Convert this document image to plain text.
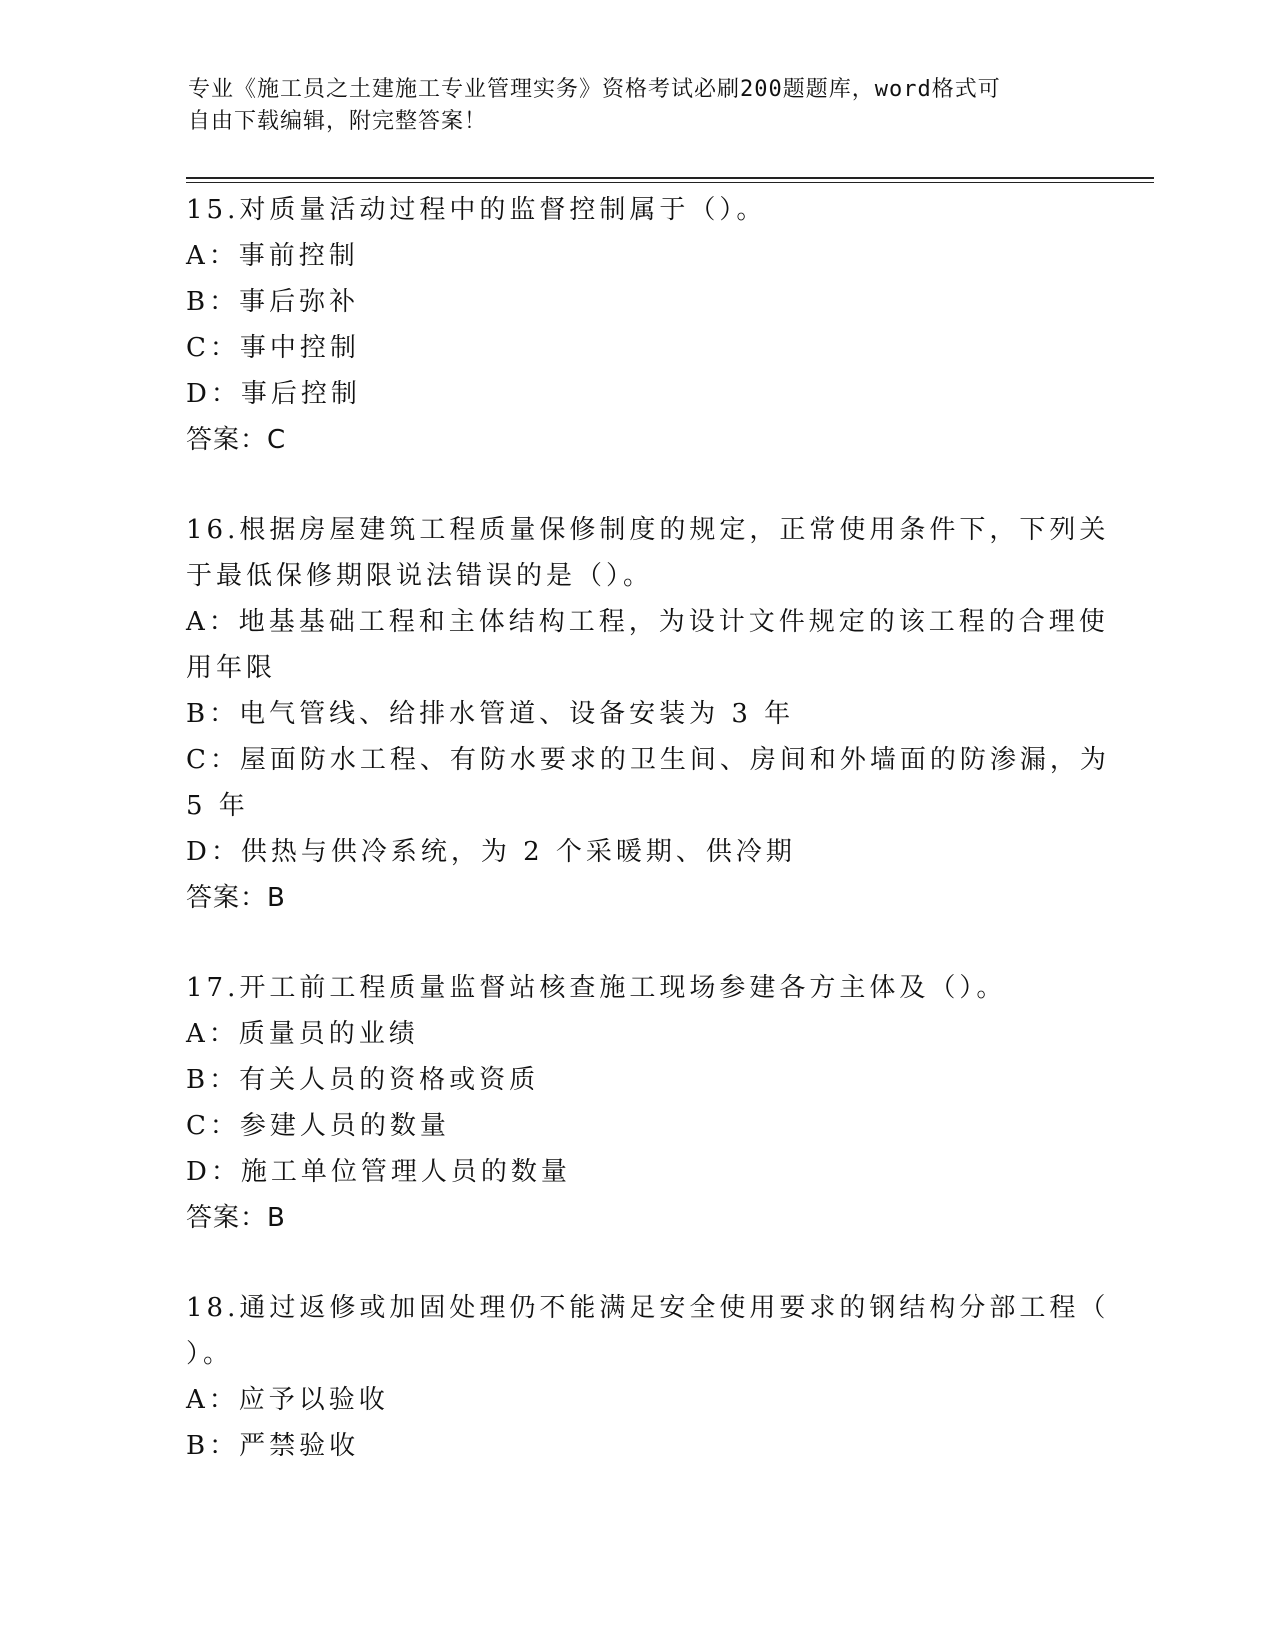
专业《施工员之土建施工专业管理实务》资格考试必刷200题题库，word格式可
自由下载编辑，附完整答案！
15.对质量活动过程中的监督控制属于（）。
A：事前控制
B：事后弥补
C：事中控制
D：事后控制
答案：C
16.根据房屋建筑工程质量保修制度的规定，正常使用条件下，下列关
于最低保修期限说法错误的是（）。
A：地基基础工程和主体结构工程，为设计文件规定的该工程的合理使
用年限
B：电气管线、给排水管道、设备安装为 3 年
C：屋面防水工程、有防水要求的卫生间、房间和外墙面的防渗漏，为
5 年
D：供热与供冷系统，为 2 个采暖期、供冷期
答案：B
17.开工前工程质量监督站核查施工现场参建各方主体及（）。
A：质量员的业绩
B：有关人员的资格或资质
C：参建人员的数量
D：施工单位管理人员的数量
答案：B
18.通过返修或加固处理仍不能满足安全使用要求的钢结构分部工程（
）。
A：应予以验收
B：严禁验收
